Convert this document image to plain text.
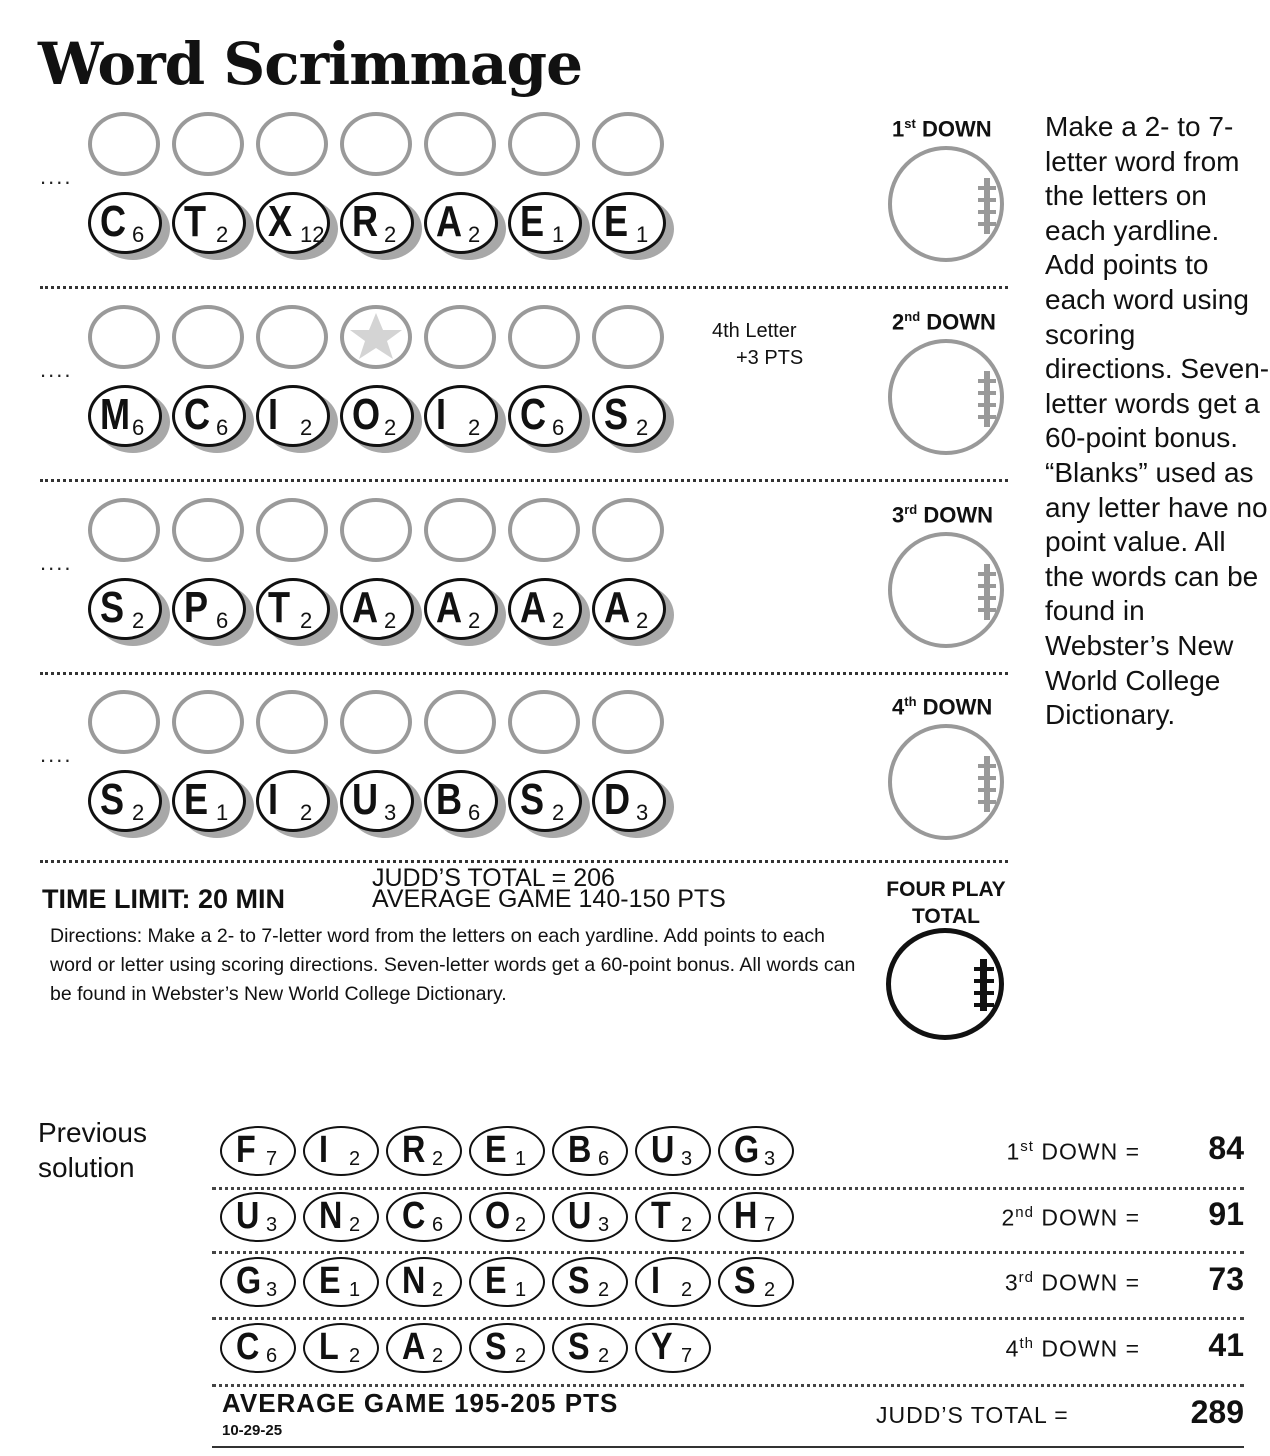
Word Scrimmage
....
C 6 T 2 X 12 R 2 A 2 E 1 E 1
1st DOWN
....
M 6 C 6 I 2 O 2 I 2 C 6 S 2
2nd DOWN
....
S 2 P 6 T 2 A 2 A 2 A 2 A 2
3rd DOWN
....
S 2 E 1 I 2 U 3 B 6 S 2 D 3
4th DOWN
4th Letter
+3 PTS
Make a 2- to 7-letter word from the letters on each yardline. Add points to each word using scoring directions. Seven-letter words get a 60-point bonus. “Blanks” used as any letter have no point value. All the words can be found in Webster’s New World College Dictionary.
TIME LIMIT: 20 MIN
JUDD’S TOTAL = 206
AVERAGE GAME 140-150 PTS
Directions: Make a 2- to 7-letter word from the letters on each yardline. Add points to each word or letter using scoring directions. Seven-letter words get a 60-point bonus. All words can be found in Webster’s New World College Dictionary.
FOUR PLAY
TOTAL
Previous
solution	F 7 I 2 R 2 E 1 B 6 U 3 G 3	1st DOWN =	84
U 3 N 2 C 6 O 2 U 3 T 2 H 7	2nd DOWN =	91
G 3 E 1 N 2 E 1 S 2 I 2 S 2	3rd DOWN =	73
C 6 L 2 A 2 S 2 S 2 Y 7	4th DOWN =	41
AVERAGE GAME 195-205 PTS
10-29-25
JUDD’S TOTAL =	289
